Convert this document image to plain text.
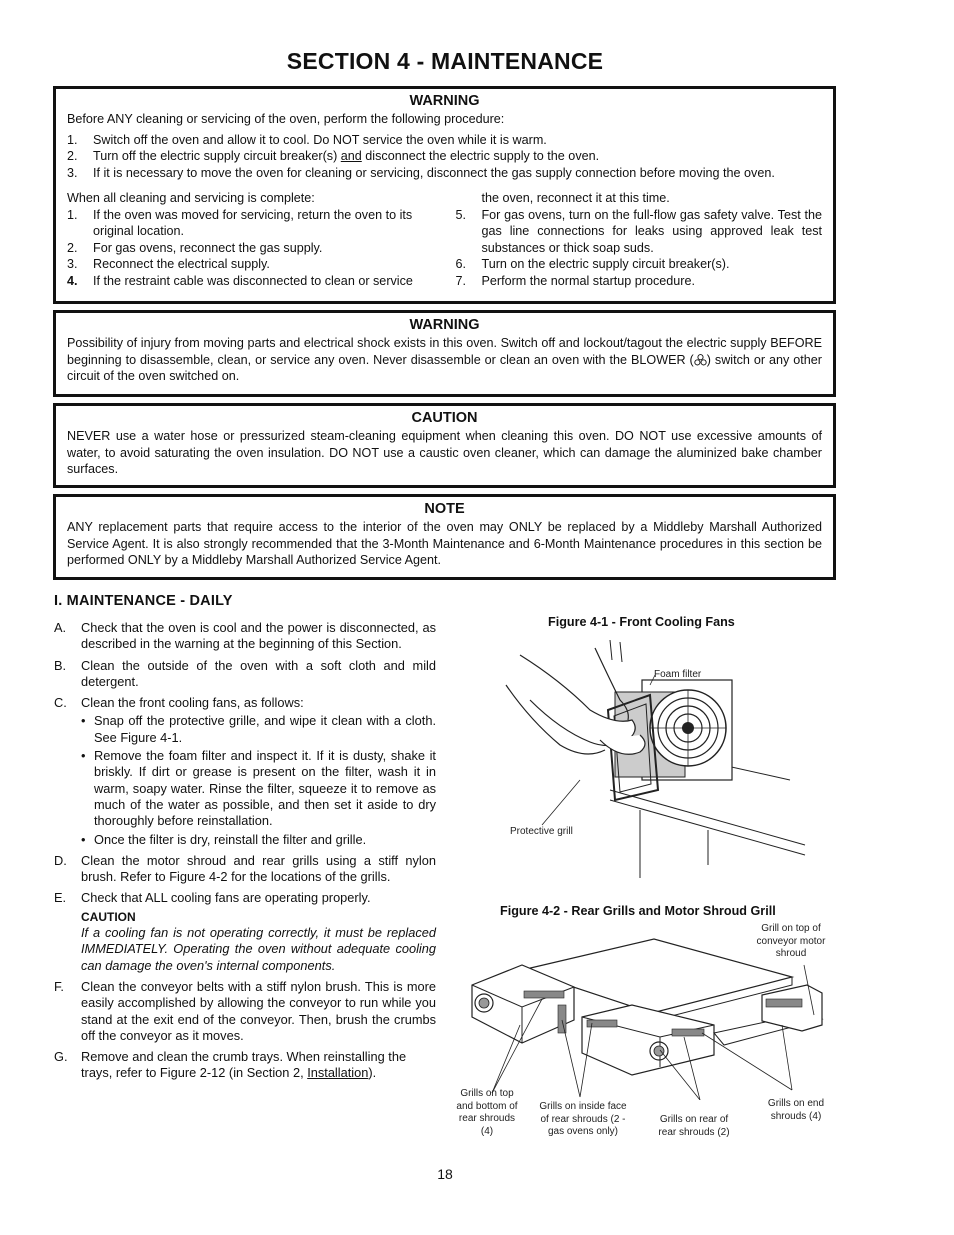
SECTION 4 - MAINTENANCE
WARNING
Before ANY cleaning or servicing of the oven, perform the following procedure:
1. Switch off the oven and allow it to cool. Do NOT service the oven while it is warm.
2. Turn off the electric supply circuit breaker(s) and disconnect the electric supply to the oven.
3. If it is necessary to move the oven for cleaning or servicing, disconnect the gas supply connection before moving the oven.
When all cleaning and servicing is complete:
1. If the oven was moved for servicing, return the oven to its original location.
2. For gas ovens, reconnect the gas supply.
3. Reconnect the electrical supply.
4. If the restraint cable was disconnected to clean or service
the oven, reconnect it at this time.
5. For gas ovens, turn on the full-flow gas safety valve. Test the gas line connections for leaks using approved leak test substances or thick soap suds.
6. Turn on the electric supply circuit breaker(s).
7. Perform the normal startup procedure.
WARNING
Possibility of injury from moving parts and electrical shock exists in this oven. Switch off and lockout/tagout the electric supply BEFORE beginning to disassemble, clean, or service any oven. Never disassemble or clean an oven with the BLOWER ( ) switch or any other circuit of the oven switched on.
CAUTION
NEVER use a water hose or pressurized steam-cleaning equipment when cleaning this oven. DO NOT use excessive amounts of water, to avoid saturating the oven insulation. DO NOT use a caustic oven cleaner, which can damage the aluminized bake chamber surfaces.
NOTE
ANY replacement parts that require access to the interior of the oven may ONLY be replaced by a Middleby Marshall Authorized Service Agent. It is also strongly recommended that the 3-Month Maintenance and 6-Month Maintenance procedures in this section be performed ONLY by a Middleby Marshall Authorized Service Agent.
I. MAINTENANCE - DAILY
A. Check that the oven is cool and the power is disconnected, as described in the warning at the beginning of this Section.
B. Clean the outside of the oven with a soft cloth and mild detergent.
C. Clean the front cooling fans, as follows:
• Snap off the protective grille, and wipe it clean with a cloth. See Figure 4-1.
• Remove the foam filter and inspect it. If it is dusty, shake it briskly. If dirt or grease is present on the filter, wash it in warm, soapy water. Rinse the filter, squeeze it to remove as much of the water as possible, and then set it aside to dry thoroughly before reinstallation.
• Once the filter is dry, reinstall the filter and grille.
D. Clean the motor shroud and rear grills using a stiff nylon brush. Refer to Figure 4-2 for the locations of the grills.
E. Check that ALL cooling fans are operating properly.
CAUTION
If a cooling fan is not operating correctly, it must be replaced IMMEDIATELY. Operating the oven without adequate cooling can damage the oven's internal components.
F. Clean the conveyor belts with a stiff nylon brush. This is more easily accomplished by allowing the conveyor to run while you stand at the exit end of the conveyor. Then, brush the crumbs off the conveyor as it moves.
G. Remove and clean the crumb trays. When reinstalling the trays, refer to Figure 2-12 (in Section 2, Installation).
Figure 4-1 - Front Cooling Fans
Foam filter
Protective grill
Figure 4-2 - Rear Grills and Motor Shroud Grill
Grill on top of conveyor motor shroud
Grills on top and bottom of rear shrouds (4)
Grills on inside face of rear shrouds (2 - gas ovens only)
Grills on rear of rear shrouds (2)
Grills on end shrouds (4)
18
